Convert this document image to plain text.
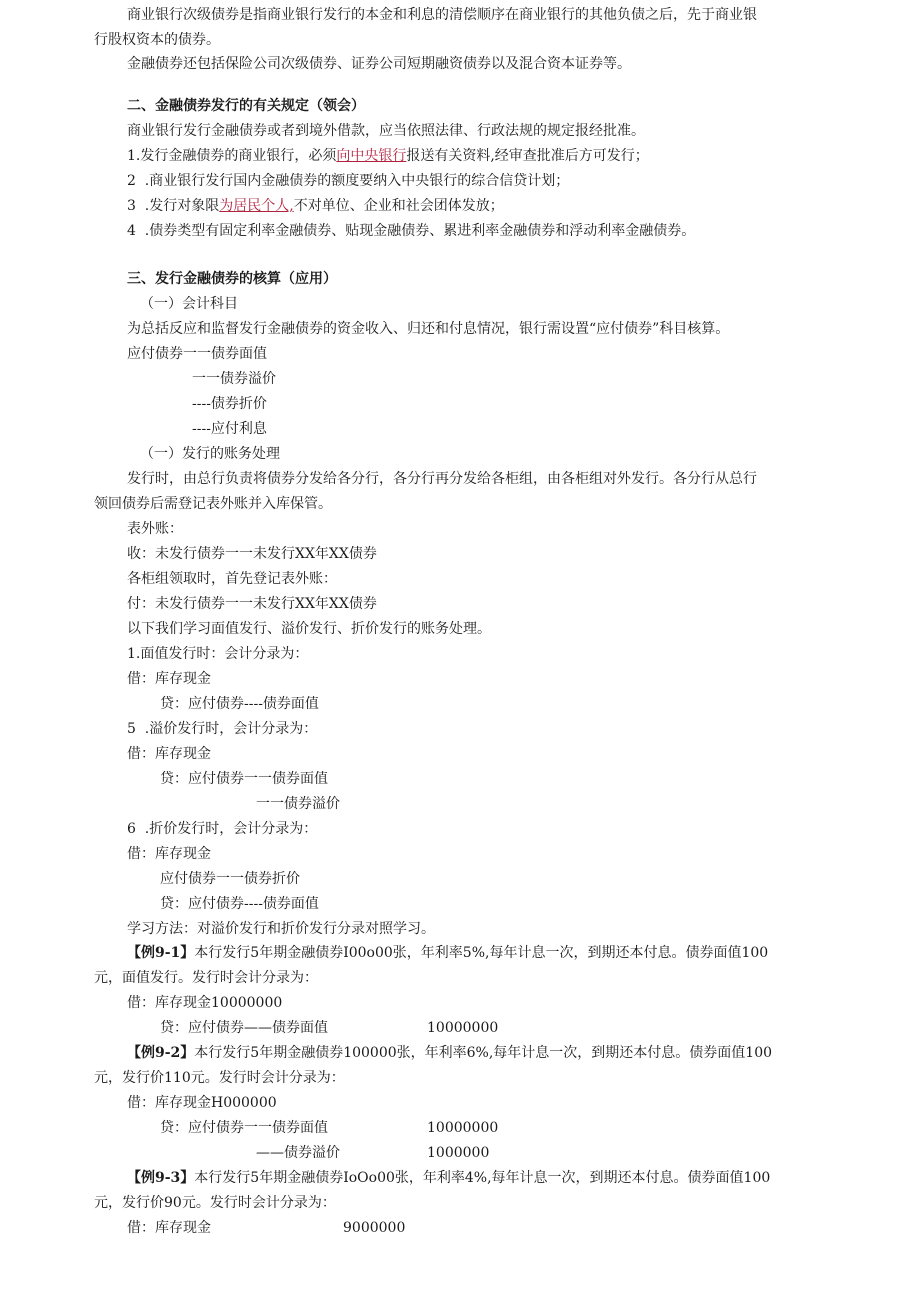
商业银行次级债券是指商业银行发行的本金和利息的清偿顺序在商业银行的其他负债之后，先于商业银
行股权资本的债券。
金融债券还包括保险公司次级债券、证券公司短期融资债券以及混合资本证券等。
二、金融债券发行的有关规定（领会）
商业银行发行金融债券或者到境外借款，应当依照法律、行政法规的规定报经批准。
1.发行金融债券的商业银行，必须向中央银行报送有关资料,经审查批准后方可发行；
2  .商业银行发行国内金融债券的额度要纳入中央银行的综合信贷计划；
3  .发行对象限为居民个人,不对单位、企业和社会团体发放；
4  .债券类型有固定利率金融债券、贴现金融债券、累进利率金融债券和浮动利率金融债券。
三、发行金融债券的核算（应用）
（一）会计科目
为总括反应和监督发行金融债券的资金收入、归还和付息情况，银行需设置“应付债券”科目核算。
应付债券一一债券面值
一一债券溢价
----债券折价
----应付利息
（一）发行的账务处理
发行时，由总行负责将债券分发给各分行，各分行再分发给各柜组，由各柜组对外发行。各分行从总行
领回债券后需登记表外账并入库保管。
表外账：
收：未发行债券一一未发行XX年XX债券
各柜组领取时，首先登记表外账：
付：未发行债券一一未发行XX年XX债券
以下我们学习面值发行、溢价发行、折价发行的账务处理。
1.面值发行时：会计分录为：
借：库存现金
贷：应付债券----债券面值
5  .溢价发行时，会计分录为：
借：库存现金
贷：应付债券一一债券面值
一一债券溢价
6  .折价发行时，会计分录为：
借：库存现金
应付债券一一债券折价
贷：应付债券----债券面值
学习方法：对溢价发行和折价发行分录对照学习。
【例9-1】本行发行5年期金融债券I00o00张，年利率5%,每年计息一次，到期还本付息。债券面值100
元，面值发行。发行时会计分录为：
借：库存现金10000000
贷：应付债券——债券面值	10000000
【例9-2】本行发行5年期金融债券100000张，年利率6%,每年计息一次，到期还本付息。债券面值100
元，发行价110元。发行时会计分录为：
借：库存现金H000000
贷：应付债券一一债券面值	10000000
——债券溢价	1000000
【例9-3】本行发行5年期金融债券IoOo00张，年利率4%,每年计息一次，到期还本付息。债券面值100
元，发行价90元。发行时会计分录为：
借：库存现金	9000000
